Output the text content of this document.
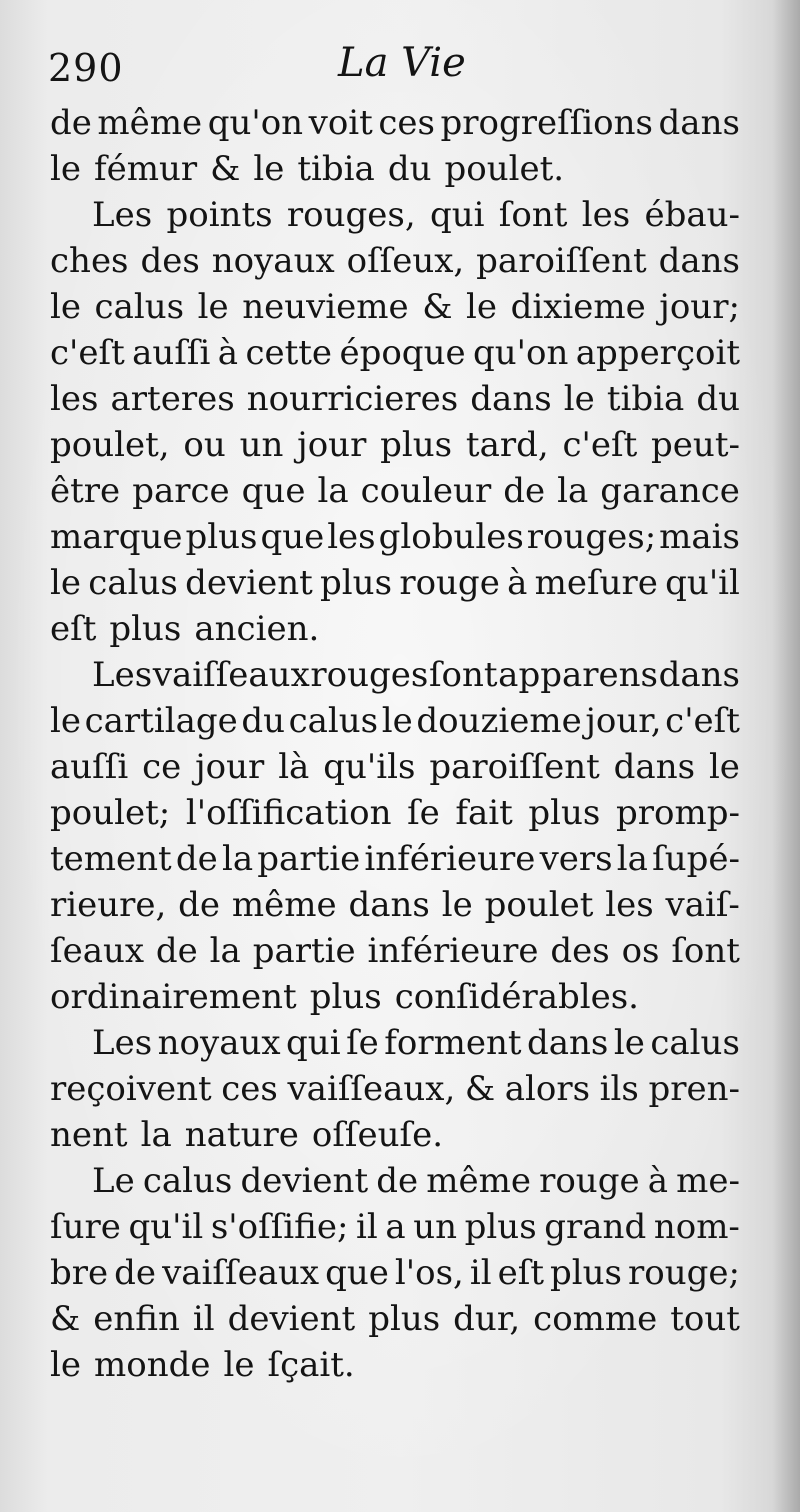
290	La Vie
de même qu'on voit ces progreſſions dans
le fémur & le tibia du poulet.
Les points rouges, qui ſont les ébau-
ches des noyaux oſſeux, paroiſſent dans
le calus le neuvieme & le dixieme jour;
c'eſt auſſi à cette époque qu'on apperçoit
les arteres nourricieres dans le tibia du
poulet, ou un jour plus tard, c'eſt peut-
être parce que la couleur de la garance
marque plus que les globules rouges; mais
le calus devient plus rouge à meſure qu'il
eſt plus ancien.
Les vaiſſeaux rouges ſont apparens dans
le cartilage du calus le douzieme jour, c'eſt
auſſi ce jour là qu'ils paroiſſent dans le
poulet; l'oſſification ſe fait plus promp-
tement de la partie inférieure vers la ſupé-
rieure, de même dans le poulet les vaiſ-
ſeaux de la partie inférieure des os ſont
ordinairement plus conſidérables.
Les noyaux qui ſe forment dans le calus
reçoivent ces vaiſſeaux, & alors ils pren-
nent la nature oſſeuſe.
Le calus devient de même rouge à me-
ſure qu'il s'oſſifie; il a un plus grand nom-
bre de vaiſſeaux que l'os, il eſt plus rouge;
& enfin il devient plus dur, comme tout
le monde le ſçait.
